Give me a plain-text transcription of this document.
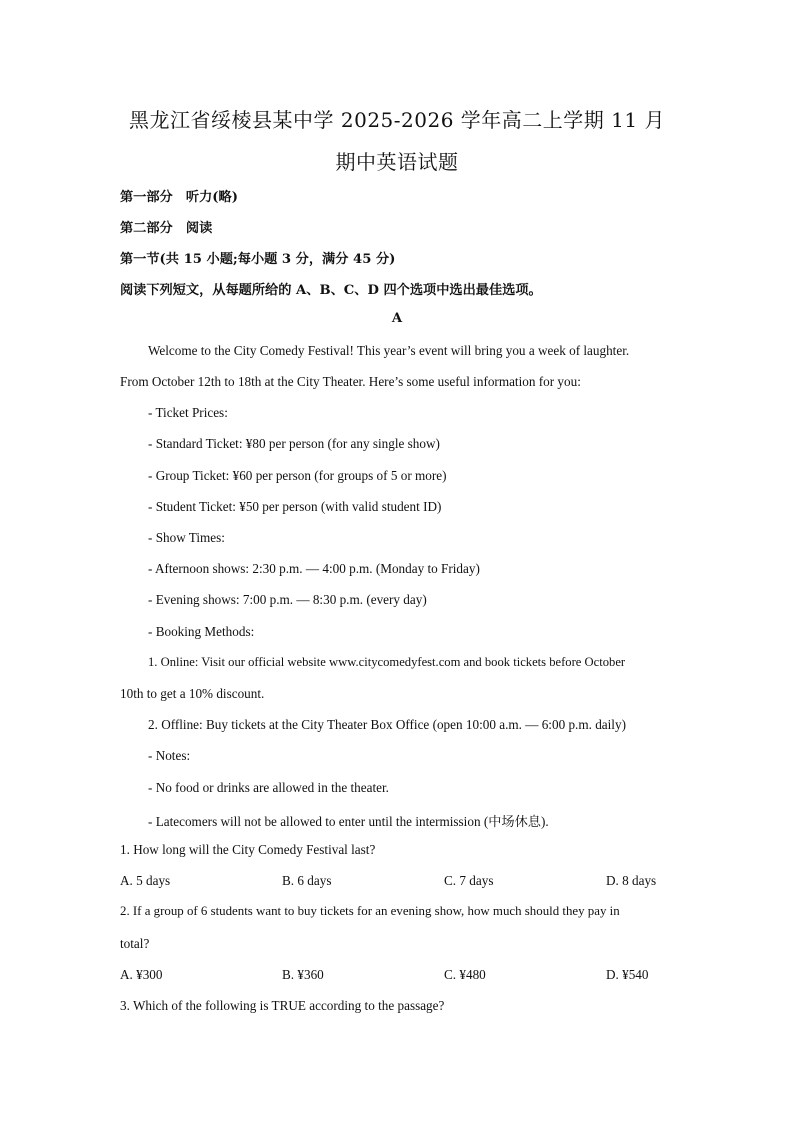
黑龙江省绥棱县某中学 2025-2026 学年高二上学期 11 月
期中英语试题
第一部分　听力(略)
第二部分　阅读
第一节(共 15 小题;每小题 3 分，满分 45 分)
阅读下列短文，从每题所给的 A、B、C、D 四个选项中选出最佳选项。
A
Welcome to the City Comedy Festival! This year’s event will bring you a week of laughter.
From October 12th to 18th at the City Theater. Here’s some useful information for you:
- Ticket Prices:
- Standard Ticket: ¥80 per person (for any single show)
- Group Ticket: ¥60 per person (for groups of 5 or more)
- Student Ticket: ¥50 per person (with valid student ID)
- Show Times:
- Afternoon shows: 2:30 p.m. — 4:00 p.m. (Monday to Friday)
- Evening shows: 7:00 p.m. — 8:30 p.m. (every day)
- Booking Methods:
1. Online: Visit our official website www.citycomedyfest.com and book tickets before October
10th to get a 10% discount.
2. Offline: Buy tickets at the City Theater Box Office (open 10:00 a.m. — 6:00 p.m. daily)
- Notes:
- No food or drinks are allowed in the theater.
- Latecomers will not be allowed to enter until the intermission (中场休息).
1. How long will the City Comedy Festival last?
A. 5 days	B. 6 days	C. 7 days	D. 8 days
2. If a group of 6 students want to buy tickets for an evening show, how much should they pay in
total?
A. ¥300	B. ¥360	C. ¥480	D. ¥540
3. Which of the following is TRUE according to the passage?
